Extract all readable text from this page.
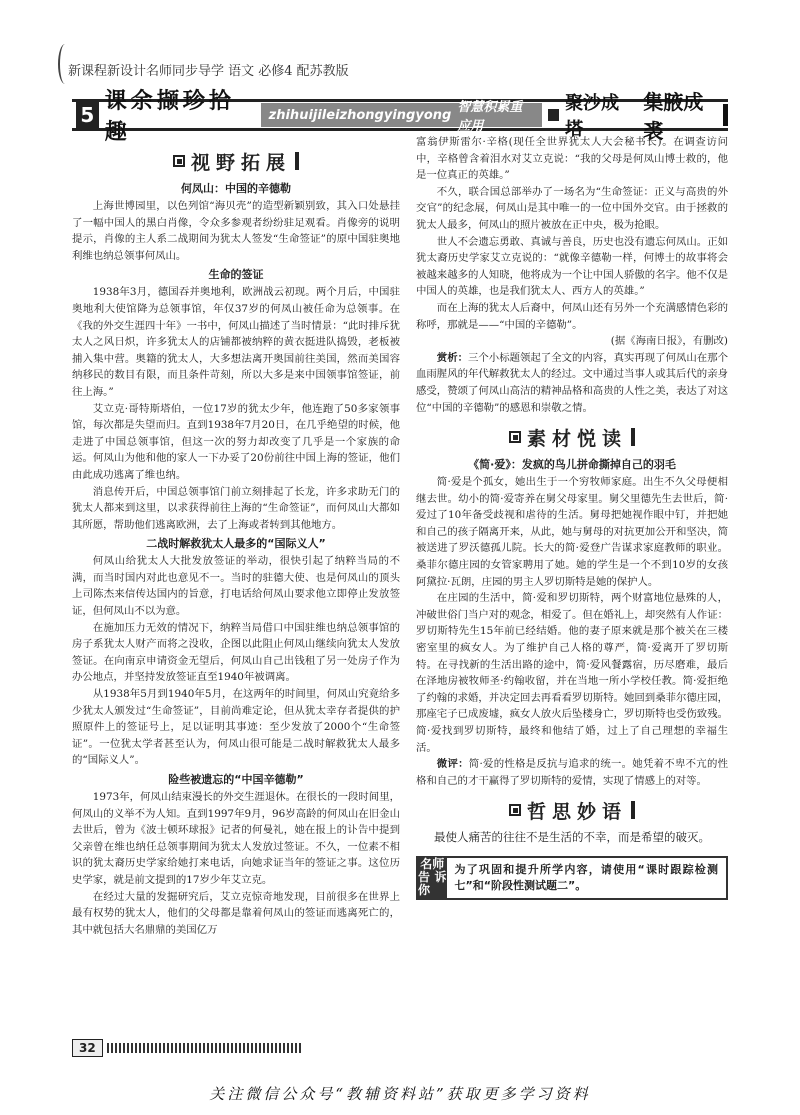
新课程新设计名师同步导学 语文 必修4 配苏教版
5
课余撷珍拾趣
zhihuijileizhongyingyong 智慧积累重应用
聚沙成塔
集腋成裘
视野拓展
何凤山：中国的辛德勒

上海世博园里，以色列馆“海贝壳”的造型新颖别致，其入口处悬挂了一幅中国人的黑白肖像，令众多参观者纷纷驻足观看。肖像旁的说明提示，肖像的主人系二战期间为犹太人签发“生命签证”的原中国驻奥地利维也纳总领事何凤山。

生命的签证

1938年3月，德国吞并奥地利，欧洲战云初现。两个月后，中国驻奥地利大使馆降为总领事馆，年仅37岁的何凤山被任命为总领事。在《我的外交生涯四十年》一书中，何凤山描述了当时情景：“此时排斥犹太人之风日炽，许多犹太人的店铺都被纳粹的黄衣挺进队捣毁，老板被捕入集中营。奥籍的犹太人，大多想法离开奥国前往美国，然而美国容纳移民的数目有限，而且条件苛刻，所以大多是来中国领事馆签证，前往上海。”

艾立克·哥特斯塔伯，一位17岁的犹太少年，他连跑了50多家领事馆，每次都是失望而归。直到1938年7月20日，在几乎绝望的时候，他走进了中国总领事馆，但这一次的努力却改变了几乎是一个家族的命运。何凤山为他和他的家人一下办妥了20份前往中国上海的签证，他们由此成功逃离了维也纳。

消息传开后，中国总领事馆门前立刻排起了长龙，许多求助无门的犹太人都来到这里，以求获得前往上海的“生命签证”，而何凤山大都如其所愿，帮助他们逃离欧洲，去了上海或者转到其他地方。

二战时解救犹太人最多的“国际义人”

何凤山给犹太人大批发放签证的举动，很快引起了纳粹当局的不满，而当时国内对此也意见不一。当时的驻德大使、也是何凤山的顶头上司陈杰来信传达国内的旨意，打电话给何凤山要求他立即停止发放签证，但何凤山不以为意。

在施加压力无效的情况下，纳粹当局借口中国驻维也纳总领事馆的房子系犹太人财产而将之没收，企图以此阻止何凤山继续向犹太人发放签证。在向南京申请资金无望后，何凤山自己出钱租了另一处房子作为办公地点，并坚持发放签证直至1940年被调离。

从1938年5月到1940年5月，在这两年的时间里，何凤山究竟给多少犹太人颁发过“生命签证”，目前尚难定论，但从犹太幸存者提供的护照原件上的签证号上，足以证明其事迹：至少发放了2000个“生命签证”。一位犹太学者甚至认为，何凤山很可能是二战时解救犹太人最多的“国际义人”。

险些被遗忘的“中国辛德勒”

1973年，何凤山结束漫长的外交生涯退休。在很长的一段时间里，何凤山的义举不为人知。直到1997年9月，96岁高龄的何凤山在旧金山去世后，曾为《波士顿环球报》记者的何曼礼，她在报上的讣告中提到父亲曾在维也纳任总领事期间为犹太人发放过签证。不久，一位素不相识的犹太裔历史学家给她打来电话，向她求证当年的签证之事。这位历史学家，就是前文提到的17岁少年艾立克。

在经过大量的发掘研究后，艾立克惊奇地发现，目前很多在世界上最有权势的犹太人，他们的父母都是靠着何凤山的签证而逃离死亡的，其中就包括大名鼎鼎的美国亿万

富翁伊斯雷尔·辛格(现任全世界犹太人大会秘书长)。在调查访问中，辛格曾含着泪水对艾立克说：“我的父母是何凤山博士救的，他是一位真正的英雄。”

不久，联合国总部举办了一场名为“生命签证：正义与高贵的外交官”的纪念展，何凤山是其中唯一的一位中国外交官。由于拯救的犹太人最多，何凤山的照片被放在正中央，极为抢眼。

世人不会遗忘勇敢、真诚与善良，历史也没有遗忘何凤山。正如犹太裔历史学家艾立克说的：“就像辛德勒一样，何博士的故事将会被越来越多的人知晓，他将成为一个让中国人骄傲的名字。他不仅是中国人的英雄，也是我们犹太人、西方人的英雄。”

而在上海的犹太人后裔中，何凤山还有另外一个充满感情色彩的称呼，那就是——“中国的辛德勒”。

(据《海南日报》，有删改)

赏析：三个小标题领起了全文的内容，真实再现了何凤山在那个血雨腥风的年代解救犹太人的经过。文中通过当事人或其后代的亲身感受，赞颂了何凤山高洁的精神品格和高贵的人性之美，表达了对这位“中国的辛德勒”的感恩和崇敬之情。

素材悦读
《简·爱》：发疯的鸟儿拼命撕掉自己的羽毛

简·爱是个孤女，她出生于一个穷牧师家庭。出生不久父母便相继去世。幼小的简·爱寄养在舅父母家里。舅父里德先生去世后，简·爱过了10年备受歧视和虐待的生活。舅母把她视作眼中钉，并把她和自己的孩子隔离开来，从此，她与舅母的对抗更加公开和坚决，简被送进了罗沃德孤儿院。长大的简·爱登广告谋求家庭教师的职业。桑菲尔德庄园的女管家聘用了她。她的学生是一个不到10岁的女孩阿黛拉·瓦朗，庄园的男主人罗切斯特是她的保护人。

在庄园的生活中，简·爱和罗切斯特，两个财富地位悬殊的人，冲破世俗门当户对的观念，相爱了。但在婚礼上，却突然有人作证：罗切斯特先生15年前已经结婚。他的妻子原来就是那个被关在三楼密室里的疯女人。为了维护自己人格的尊严，简·爱离开了罗切斯特。在寻找新的生活出路的途中，简·爱风餐露宿，历尽磨难，最后在泽地房被牧师圣·约翰收留，并在当地一所小学校任教。简·爱拒绝了约翰的求婚，并决定回去再看看罗切斯特。她回到桑菲尔德庄园，那座宅子已成废墟，疯女人放火后坠楼身亡，罗切斯特也受伤致残。简·爱找到罗切斯特，最终和他结了婚，过上了自己理想的幸福生活。

微评：简·爱的性格是反抗与追求的统一。她凭着不卑不亢的性格和自己的才干赢得了罗切斯特的爱情，实现了情感上的对等。

哲思妙语
最使人痛苦的往往不是生活的不幸，而是希望的破灭。
名师
告诉你
为了巩固和提升所学内容，请使用“课时跟踪检测七”和“阶段性测试题二”。
32
关注微信公众号“教辅资料站”获取更多学习资料
